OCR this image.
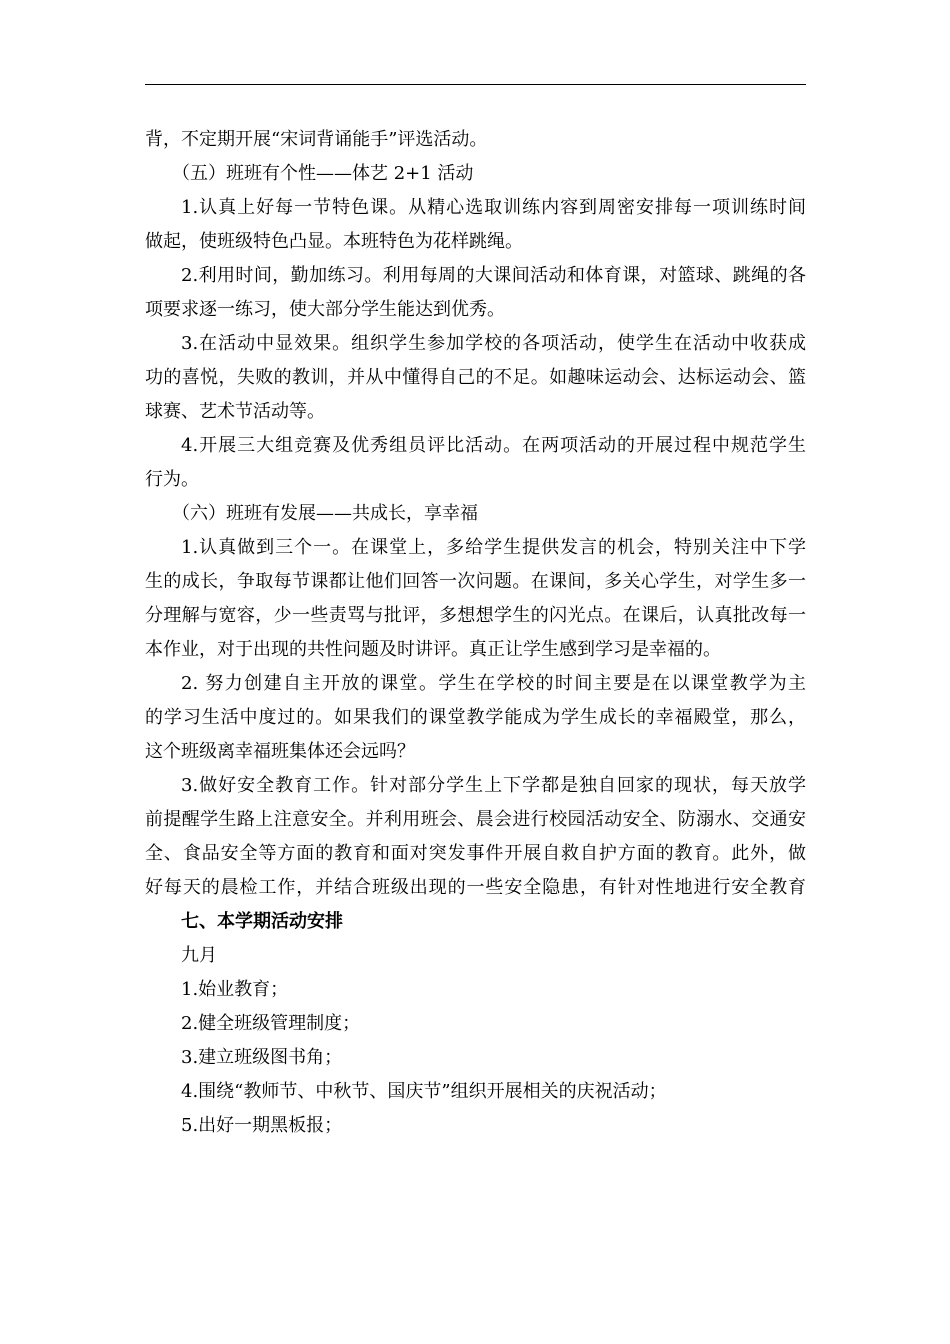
背，不定期开展“宋词背诵能手”评选活动。
（五）班班有个性——体艺 2+1 活动
1.认真上好每一节特色课。从精心选取训练内容到周密安排每一项训练时间
做起，使班级特色凸显。本班特色为花样跳绳。
2.利用时间，勤加练习。利用每周的大课间活动和体育课，对篮球、跳绳的各
项要求逐一练习，使大部分学生能达到优秀。
3.在活动中显效果。组织学生参加学校的各项活动，使学生在活动中收获成
功的喜悦，失败的教训，并从中懂得自己的不足。如趣味运动会、达标运动会、篮
球赛、艺术节活动等。
4.开展三大组竞赛及优秀组员评比活动。在两项活动的开展过程中规范学生
行为。
（六）班班有发展——共成长，享幸福
1.认真做到三个一。在课堂上，多给学生提供发言的机会，特别关注中下学
生的成长，争取每节课都让他们回答一次问题。在课间，多关心学生，对学生多一
分理解与宽容，少一些责骂与批评，多想想学生的闪光点。在课后，认真批改每一
本作业，对于出现的共性问题及时讲评。真正让学生感到学习是幸福的。
2. 努力创建自主开放的课堂。学生在学校的时间主要是在以课堂教学为主
的学习生活中度过的。如果我们的课堂教学能成为学生成长的幸福殿堂，那么，
这个班级离幸福班集体还会远吗？
3.做好安全教育工作。针对部分学生上下学都是独自回家的现状，每天放学
前提醒学生路上注意安全。并利用班会、晨会进行校园活动安全、防溺水、交通安
全、食品安全等方面的教育和面对突发事件开展自救自护方面的教育。此外，做
好每天的晨检工作，并结合班级出现的一些安全隐患，有针对性地进行安全教育
七、本学期活动安排
九月
1.始业教育；
2.健全班级管理制度；
3.建立班级图书角；
4.围绕“教师节、中秋节、国庆节”组织开展相关的庆祝活动；
5.出好一期黑板报；
